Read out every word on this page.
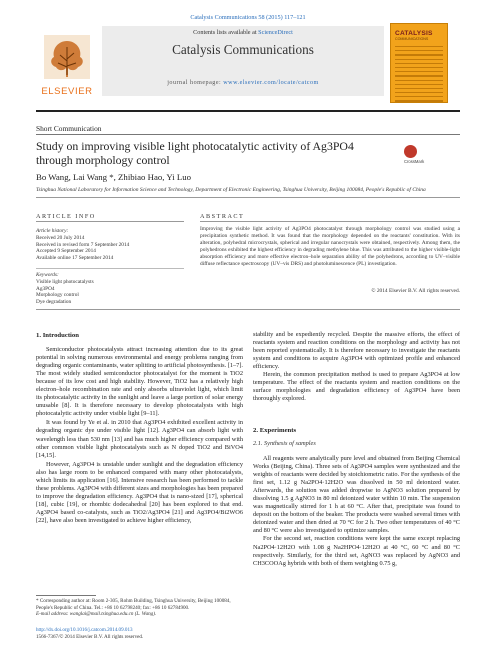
Catalysis Communications 58 (2015) 117–121
ELSEVIER
Contents lists available at ScienceDirect
Catalysis Communications
journal homepage: www.elsevier.com/locate/catcom
CATALYSIS
COMMUNICATIONS
Short Communication
Study on improving visible light photocatalytic activity of Ag3PO4 through morphology control	CrossMark
Bo Wang, Lai Wang *, Zhibiao Hao, Yi Luo
Tsinghua National Laboratory for Information Science and Technology, Department of Electronic Engineering, Tsinghua University, Beijing 100084, People's Republic of China
ARTICLE INFO	ABSTRACT
Article history:
Received 20 July 2014
Received in revised form 7 September 2014
Accepted 9 September 2014
Available online 17 September 2014
Keywords:
Visible light photocatalysts
Ag3PO4
Morphology control
Dye degradation
Improving the visible light activity of Ag3PO4 photocatalyst through morphology control was studied using a precipitation synthetic method. It was found that the morphology depended on the reactants' constitution. With its alteration, polyhedral microcrystals, spherical and irregular nanocrystals were obtained, respectively. Among them, the polyhedrons exhibited the highest efficiency in degrading methylene blue. This was attributed to the higher visible-light absorption efficiency and more effective electron–hole separation ability of the polyhedrons, according to UV–visible diffuse reflectance spectroscopy (UV–vis DRS) and photoluminescence (PL) investigation.
© 2014 Elsevier B.V. All rights reserved.
1. Introduction

Semiconductor photocatalysts attract increasing attention due to its great potential in solving numerous environmental and energy problems ranging from degrading organic contaminants, water splitting to artificial photosynthesis. [1–7]. The most widely studied semiconductor photocatalyst for the moment is TiO2 because of its low cost and high stability. However, TiO2 has a relatively high electron–hole recombination rate and only absorbs ultraviolet light, which limit its photocatalytic activity in the sunlight and leave a large portion of solar energy unusable [8]. It is therefore necessary to develop photocatalysts with high photocatalytic activity under visible light [9–11].

It was found by Ye et al. in 2010 that Ag3PO4 exhibited excellent activity in degrading organic dye under visible light [12]. Ag3PO4 can absorb light with wavelength less than 530 nm [13] and has much higher efficiency compared with other common visible light photocatalysts such as N doped TiO2 and BiVO4 [14,15].

However, Ag3PO4 is unstable under sunlight and the degradation efficiency also has large room to be enhanced compared with many other photocatalysts, which limits its application [16]. Intensive research has been performed to tackle these problems. Ag3PO4 with different sizes and morphologies has been prepared to improve the degradation efficiency. Ag3PO4 that is nano-sized [17], spherical [18], cubic [19], or rhombic dodecahedral [20] has been explored to that end. Ag3PO4 based co-catalysts, such as TiO2/Ag3PO4 [21] and Ag3PO4/Bi2WO6 [22], have also been investigated to achieve higher efficiency,

stability and be expediently recycled. Despite the massive efforts, the effect of reactants system and reaction conditions on the morphology and activity has not been reported systematically. It is therefore necessary to investigate the reactants system and conditions to acquire Ag3PO4 with optimized profile and enhanced efficiency.

Herein, the common precipitation method is used to prepare Ag3PO4 at low temperature. The effect of the reactants system and reaction conditions on the surface morphologies and degradation efficiency of Ag3PO4 have been thoroughly explored.

2. Experiments
2.1. Synthesis of samples

All reagents were analytically pure level and obtained from Beijing Chemical Works (Beijing, China). Three sets of Ag3PO4 samples were synthesized and the weights of reactants were decided by stoichiometric ratio. For the synthesis of the first set, 1.12 g Na2PO4·12H2O was dissolved in 50 ml deionized water. Afterwards, the solution was added dropwise to AgNO3 solution prepared by dissolving 1.5 g AgNO3 in 80 ml deionized water within 10 min. The suspension was magnetically stirred for 1 h at 60 °C. After that, precipitate was found to deposit on the bottom of the beaker. The products were washed several times with deionized water and then dried at 70 °C for 2 h. Two other temperatures of 40 °C and 80 °C were also investigated to optimize samples.

For the second set, reaction conditions were kept the same except replacing Na2PO4·12H2O with 1.08 g Na2HPO4·12H2O at 40 °C, 60 °C and 80 °C respectively. Similarly, for the third set, AgNO3 was replaced by AgNO3 and CH3COOAg hybrids with both of them weighing 0.75 g,

* Corresponding author at: Room 2-305, Rohm Building, Tsinghua University, Beijing 100084, People's Republic of China. Tel.: +86 10 62798240; fax: +86 10 62784900.
E-mail address: wanglai@mail.tsinghua.edu.cn (L. Wang).
http://dx.doi.org/10.1016/j.catcom.2014.09.013
1566-7367/© 2014 Elsevier B.V. All rights reserved.
